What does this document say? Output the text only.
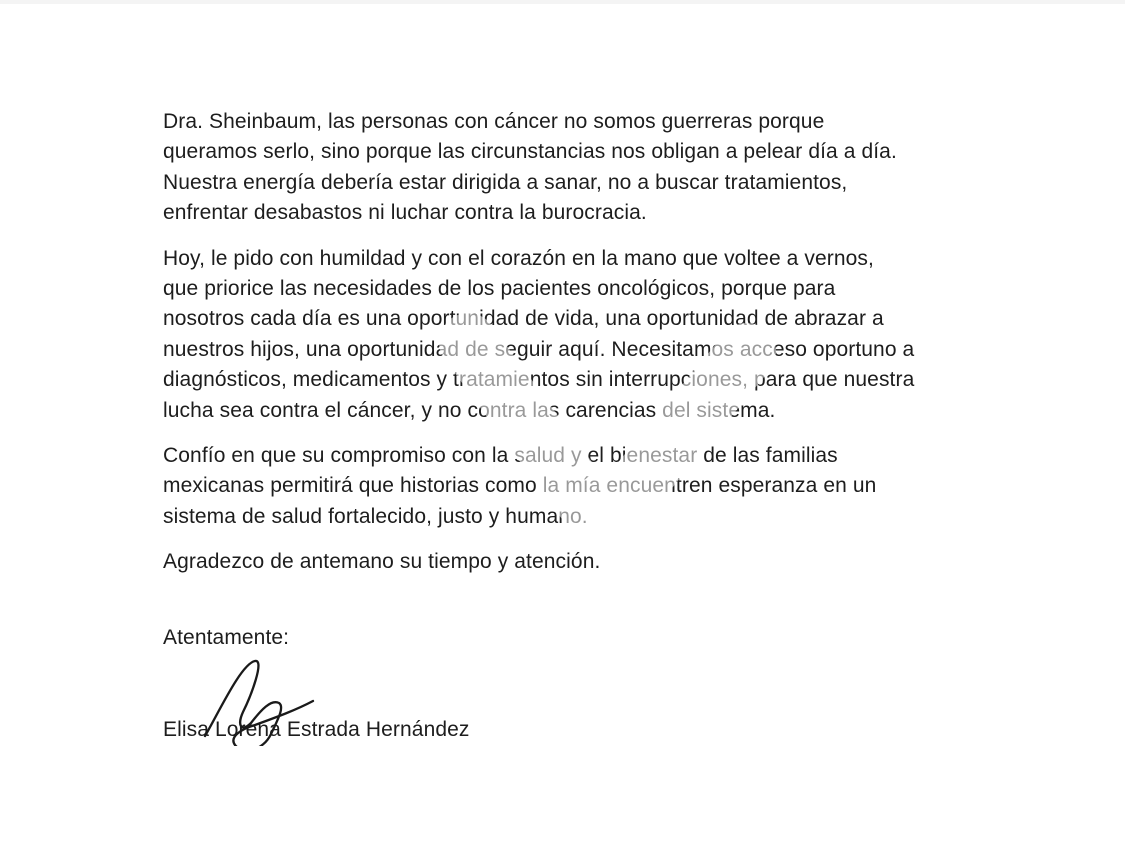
Dra. Sheinbaum, las personas con cáncer no somos guerreras porque
queramos serlo, sino porque las circunstancias nos obligan a pelear día a día.
Nuestra energía debería estar dirigida a sanar, no a buscar tratamientos,
enfrentar desabastos ni luchar contra la burocracia.
Hoy, le pido con humildad y con el corazón en la mano que voltee a vernos,
que priorice las necesidades de los pacientes oncológicos, porque para
nosotros cada día es una oportunidad de vida, una oportunidad de abrazar a
nuestros hijos, una oportunidad de seguir aquí. Necesitamos acceso oportuno a
diagnósticos, medicamentos y tratamientos sin interrupciones, para que nuestra
lucha sea contra el cáncer, y no contra las carencias del sistema.
Confío en que su compromiso con la salud y el bienestar de las familias
mexicanas permitirá que historias como la mía encuentren esperanza en un
sistema de salud fortalecido, justo y humano.
Agradezco de antemano su tiempo y atención.
Atentamente:
Elisa Lorena Estrada Hernández
